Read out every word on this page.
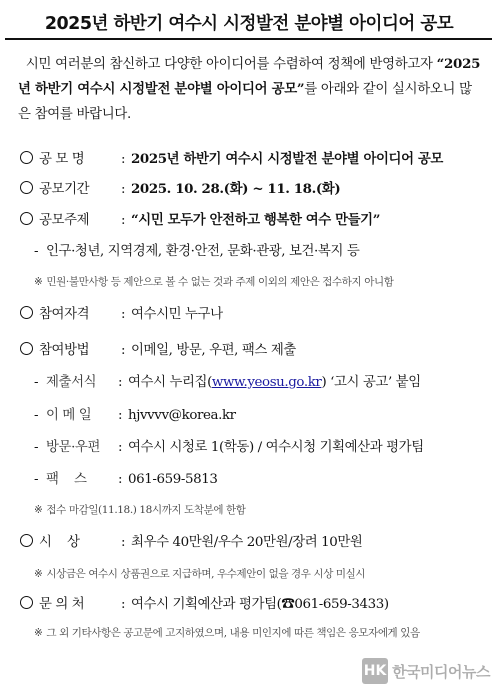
2025년 하반기 여수시 시정발전 분야별 아이디어 공모
시민 여러분의 참신하고 다양한 아이디어를 수렴하여 정책에 반영하고자 “2025년 하반기 여수시 시정발전 분야별 아이디어 공모”를 아래와 같이 실시하오니 많은 참여를 바랍니다.
공 모 명	: 2025년 하반기 여수시 시정발전 분야별 아이디어 공모
공모기간 : 2025. 10. 28.(화) ~ 11. 18.(화)
공모주제 : “시민 모두가 안전하고 행복한 여수 만들기”
- 인구·청년, 지역경제, 환경·안전, 문화·관광, 보건·복지 등
※ 민원·불만사항 등 제안으로 볼 수 없는 것과 주제 이외의 제안은 접수하지 아니함
참여자격 : 여수시민 누구나
참여방법 : 이메일, 방문, 우편, 팩스 제출
- 제출서식 : 여수시 누리집(www.yeosu.go.kr) ‘고시 공고’ 붙임
- 이 메 일 : hjvvvv@korea.kr
- 방문·우편 : 여수시 시청로 1(학동) / 여수시청 기획예산과 평가팀
- 팩    스 : 061-659-5813
※ 접수 마감일(11.18.) 18시까지 도착분에 한함
시    상	: 최우수 40만원/우수 20만원/장려 10만원
※ 시상금은 여수시 상품권으로 지급하며, 우수제안이 없을 경우 시상 미실시
문 의 처	: 여수시 기획예산과 평가팀(☎061-659-3433)
※ 그 외 기타사항은 공고문에 고지하였으며, 내용 미인지에 따른 책임은 응모자에게 있음
HK 한국미디어뉴스
